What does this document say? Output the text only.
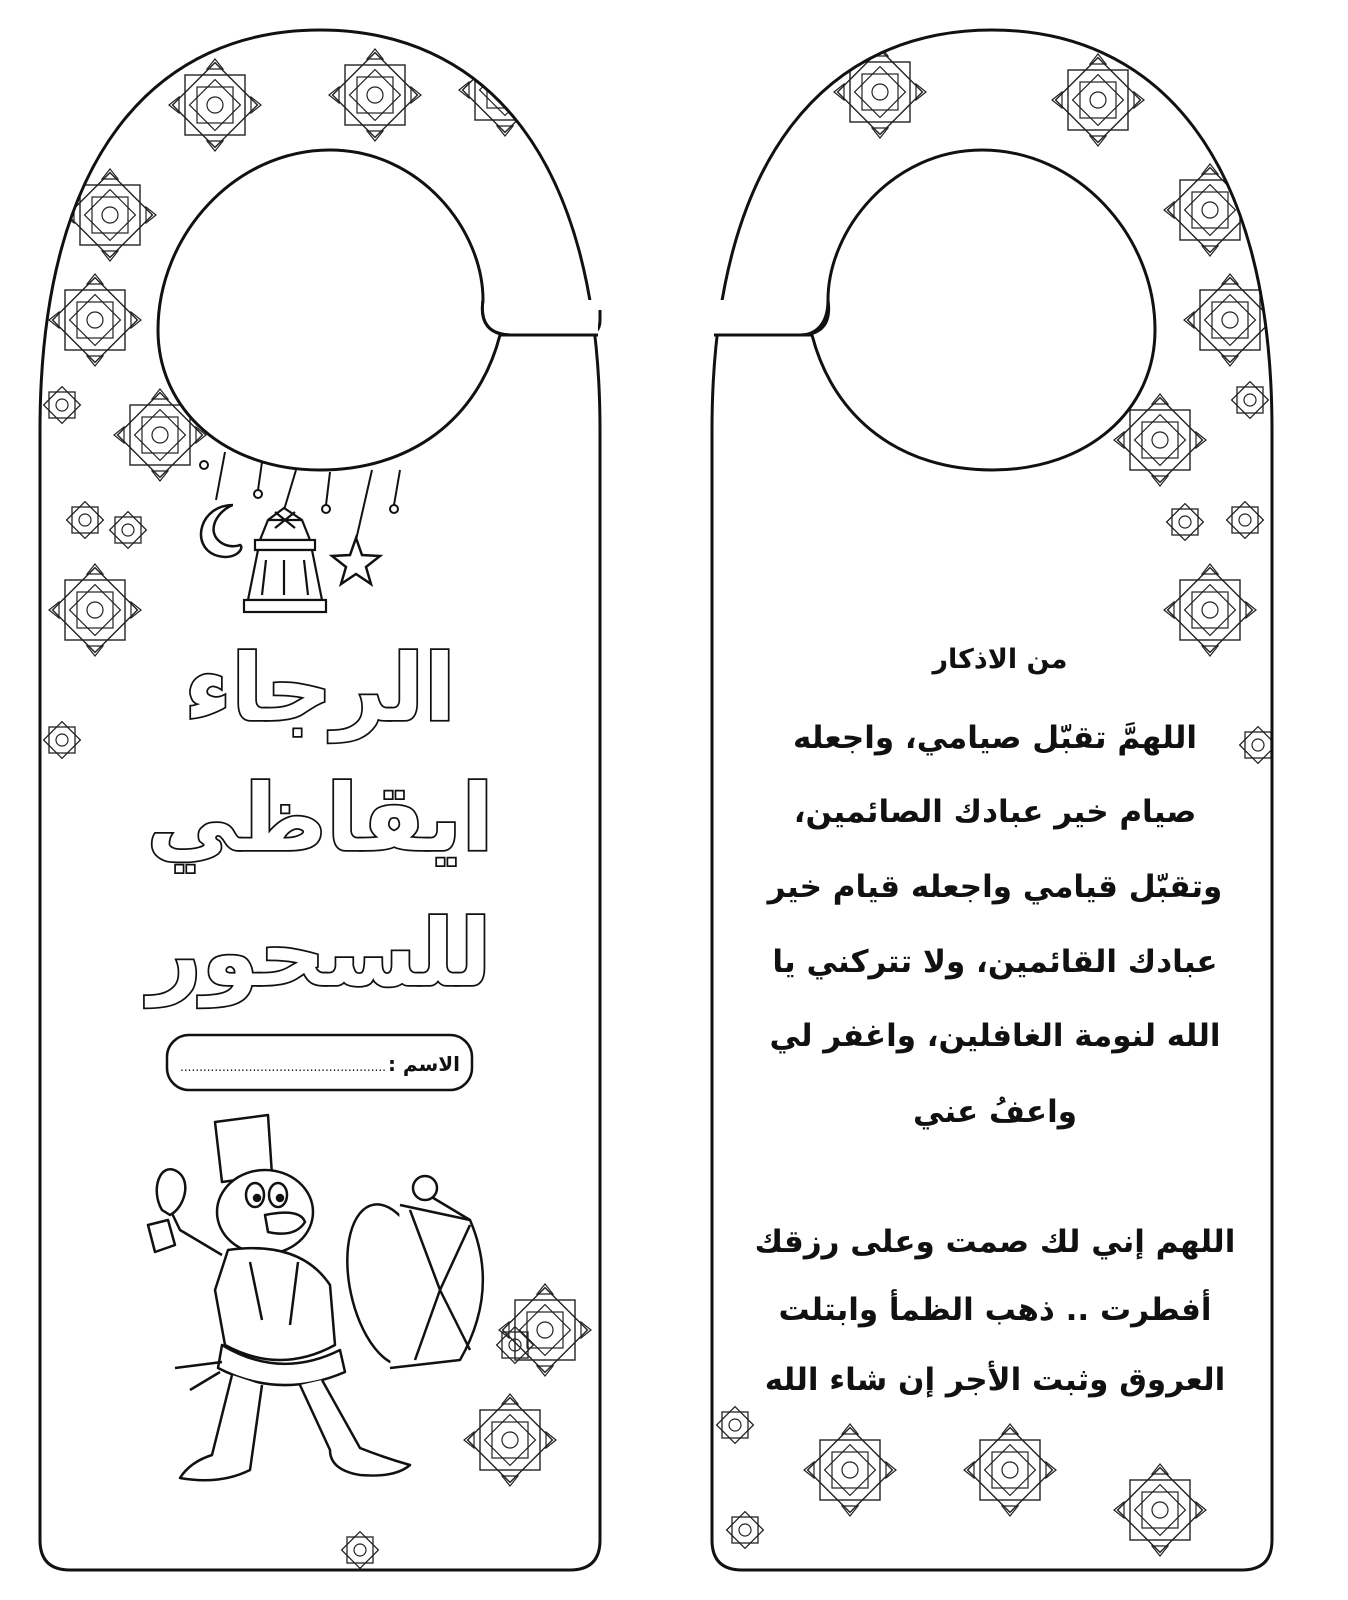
الرجاء
ايقاظي
للسحور
الاسم :
......................................................
من الاذكار
اللهمَّ تقبّل صيامي، واجعله
صيام خير عبادك الصائمين،
وتقبّل قيامي واجعله قيام خير
عبادك القائمين، ولا تتركني يا
الله لنومة الغافلين، واغفر لي
واعفُ عني
اللهم إني لك صمت وعلى رزقك
أفطرت .. ذهب الظمأ وابتلت
العروق وثبت الأجر إن شاء الله
